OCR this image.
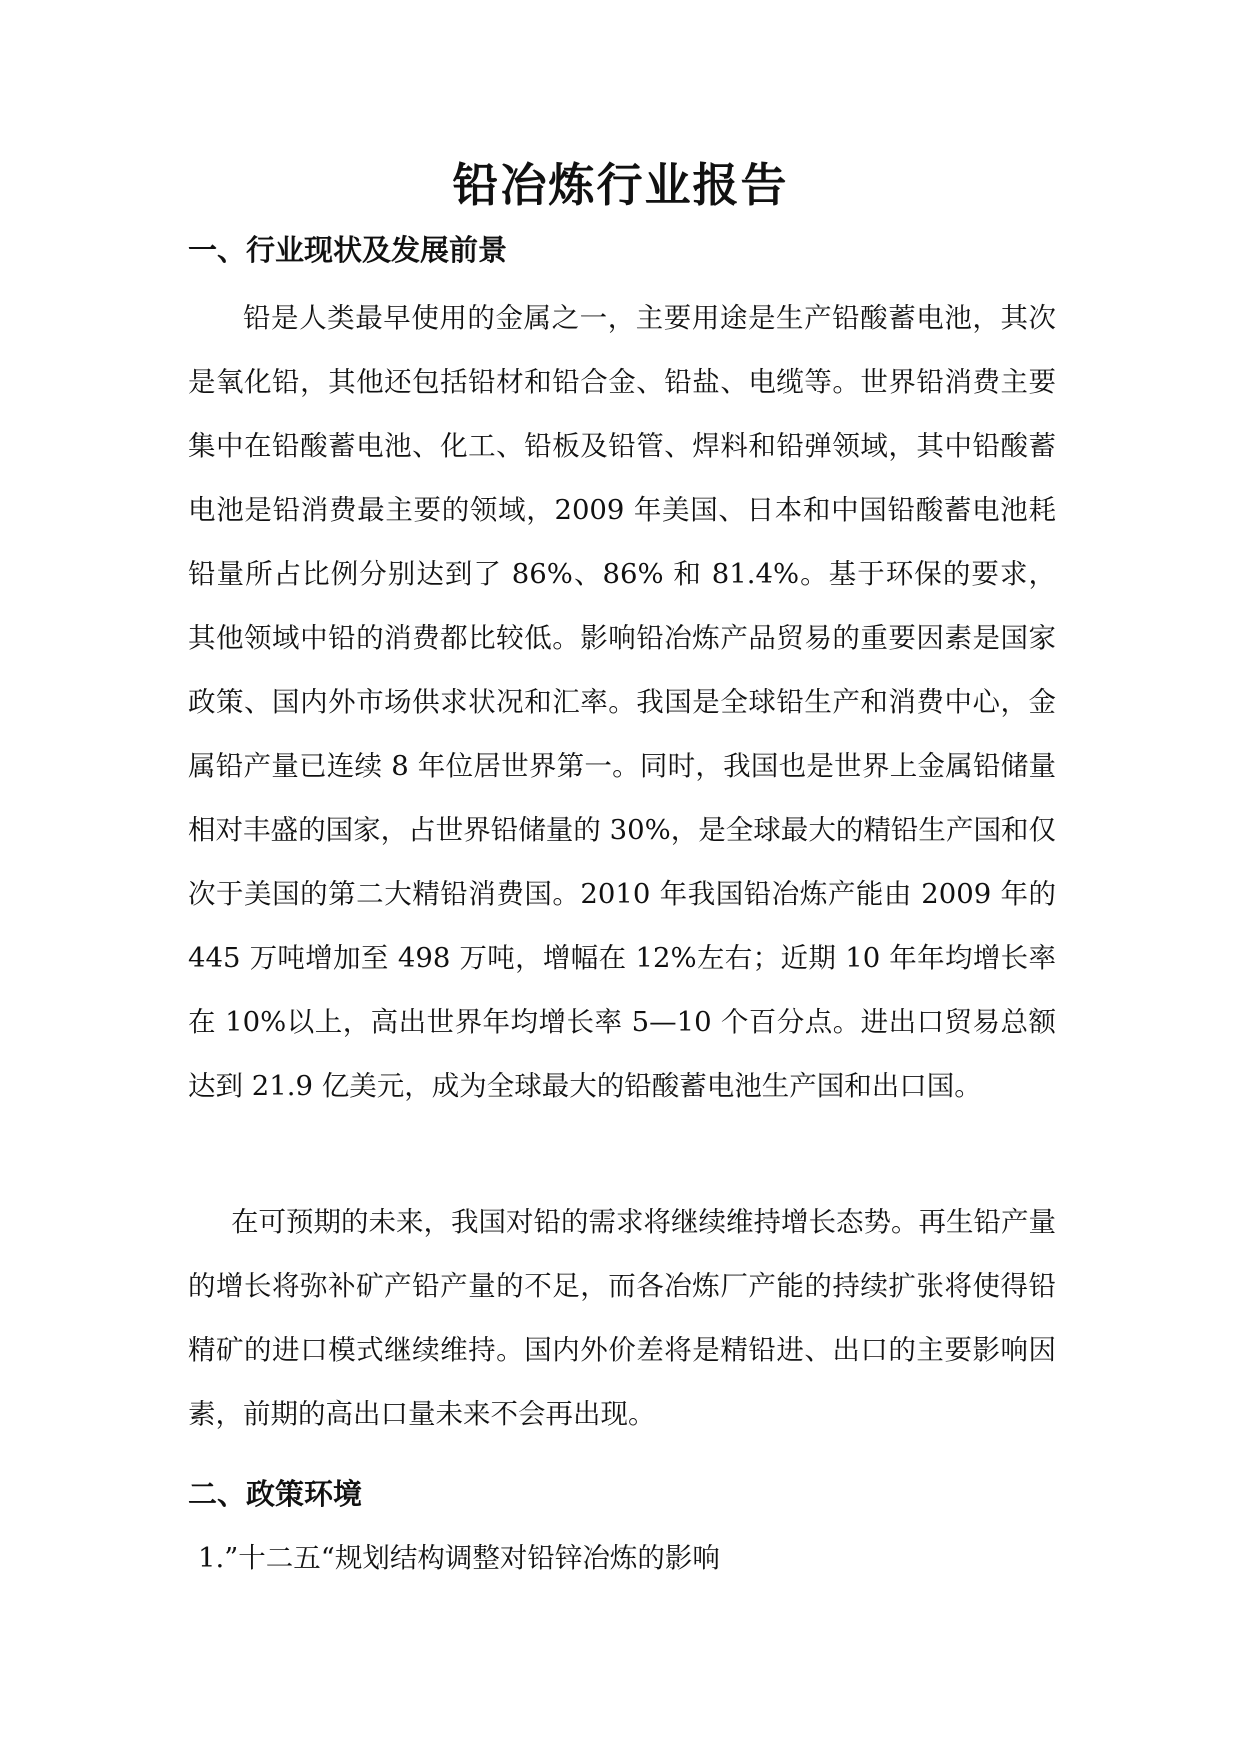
铅冶炼行业报告
一、行业现状及发展前景

铅是人类最早使用的金属之一，主要用途是生产铅酸蓄电池，其次是氧化铅，其他还包括铅材和铅合金、铅盐、电缆等。世界铅消费主要集中在铅酸蓄电池、化工、铅板及铅管、焊料和铅弹领域，其中铅酸蓄电池是铅消费最主要的领域，2009 年美国、日本和中国铅酸蓄电池耗铅量所占比例分别达到了 86%、86% 和 81.4%。基于环保的要求，其他领域中铅的消费都比较低。影响铅冶炼产品贸易的重要因素是国家政策、国内外市场供求状况和汇率。我国是全球铅生产和消费中心，金属铅产量已连续 8 年位居世界第一。同时，我国也是世界上金属铅储量相对丰盛的国家，占世界铅储量的 30%，是全球最大的精铅生产国和仅次于美国的第二大精铅消费国。2010 年我国铅冶炼产能由 2009 年的 445 万吨增加至 498 万吨，增幅在 12%左右；近期 10 年年均增长率在 10%以上，高出世界年均增长率 5—10 个百分点。进出口贸易总额达到 21.9 亿美元，成为全球最大的铅酸蓄电池生产国和出口国。

在可预期的未来，我国对铅的需求将继续维持增长态势。再生铅产量的增长将弥补矿产铅产量的不足，而各冶炼厂产能的持续扩张将使得铅精矿的进口模式继续维持。国内外价差将是精铅进、出口的主要影响因素，前期的高出口量未来不会再出现。

二、政策环境
1.”十二五“规划结构调整对铅锌冶炼的影响
